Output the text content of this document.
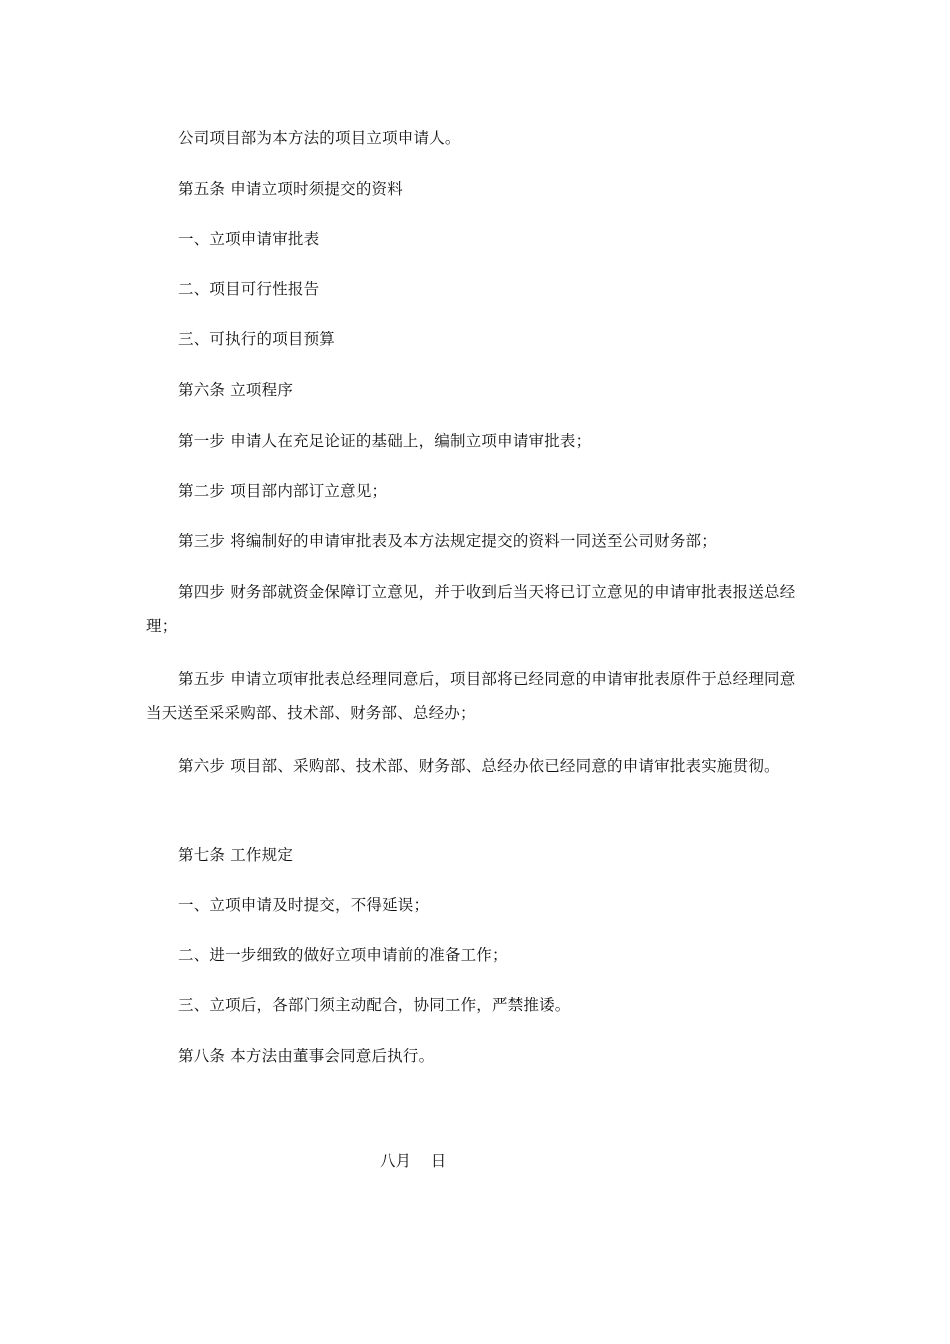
公司项目部为本方法的项目立项申请人。

第五条 申请立项时须提交的资料

一、立项申请审批表

二、项目可行性报告

三、可执行的项目预算

第六条 立项程序

第一步 申请人在充足论证的基础上，编制立项申请审批表；

第二步 项目部内部订立意见；

第三步 将编制好的申请审批表及本方法规定提交的资料一同送至公司财务部；

第四步 财务部就资金保障订立意见，并于收到后当天将已订立意见的申请审批表报送总经理；

第五步 申请立项审批表总经理同意后，项目部将已经同意的申请审批表原件于总经理同意当天送至采采购部、技术部、财务部、总经办；

第六步 项目部、采购部、技术部、财务部、总经办依已经同意的申请审批表实施贯彻。

第七条 工作规定

一、立项申请及时提交，不得延误；

二、进一步细致的做好立项申请前的准备工作；

三、立项后，各部门须主动配合，协同工作，严禁推诿。

第八条 本方法由董事会同意后执行。

八月    日
